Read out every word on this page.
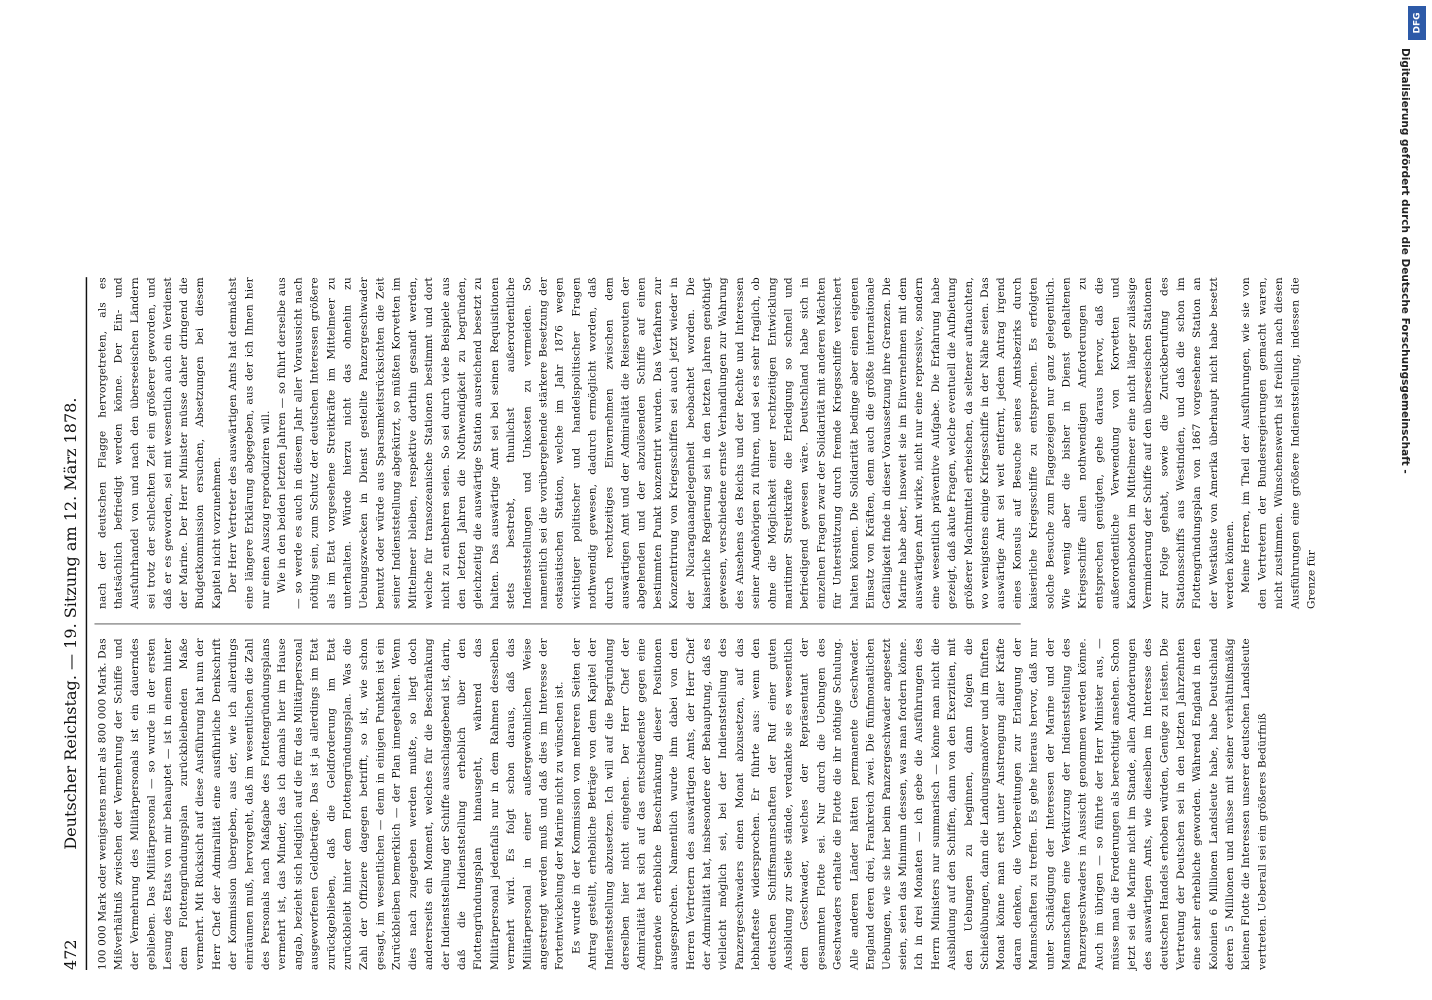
472
Deutscher Reichstag. — 19. Sitzung am 12. März 1878.	100 000 Mark oder wenigstens mehr als 800 000 Mark. Das Mißverhältniß zwischen der Vermehrung der Schiffe und der Vermehrung des Militärpersonals ist ein dauerndes geblieben. Das Militärpersonal — so wurde in der ersten Lesung des Etats von mir behauptet — ist in einem hinter dem Flottengründungsplan zurückbleibenden Maße vermehrt. Mit Rücksicht auf diese Ausführung hat nun der Herr Chef der Admiralität eine ausführliche Denkschrift der Kommission übergeben, aus der, wie ich allerdings einräumen muß, hervorgeht, daß im wesentlichen die Zahl des Personals nach Maßgabe des Flottengründungsplans vermehrt ist, das Minder, das ich damals hier im Hause angab, bezieht sich lediglich auf die für das Militärpersonal ausgeworfenen Geldbeträge. Das ist ja allerdings im Etat zurückgeblieben, daß die Geldforderung im Etat zurückbleibt hinter dem Flottengründungsplan. Was die Zahl der Offiziere dagegen betrifft, so ist, wie schon gesagt, im wesentlichen — denn in einigen Punkten ist ein Zurückbleiben bemerklich — der Plan innegehalten. Wenn dies nach zugegeben werden mußte, so liegt doch andererseits ein Moment, welches für die Beschränkung der Indienststellung der Schiffe ausschlaggebend ist, darin, daß die Indienststellung erheblich über den Flottengründungsplan hinausgeht, während das Militärpersonal jedenfalls nur in dem Rahmen desselben vermehrt wird. Es folgt schon daraus, daß das Militärpersonal in einer außergewöhnlichen Weise angestrengt werden muß und daß dies im Interesse der Fortentwickelung der Marine nicht zu wünschen ist. Es wurde in der Kommission von mehreren Seiten der Antrag gestellt, erhebliche Beträge von dem Kapitel der Indienststellung abzusetzen. Ich will auf die Begründung derselben hier nicht eingehen. Der Herr Chef der Admiralität hat sich auf das entschiedenste gegen eine irgendwie erhebliche Beschränkung dieser Positionen ausgesprochen. Namentlich wurde ihm dabei von den Herren Vertretern des auswärtigen Amts, der Herr Chef der Admiralität hat, insbesondere der Behauptung, daß es vielleicht möglich sei, bei der Indienststellung des Panzergeschwaders einen Monat abzusetzen, auf das lebhafteste widersprochen. Er führte aus: wenn den deutschen Schiffsmannschaften der Ruf einer guten Ausbildung zur Seite stände, verdankte sie es wesentlich dem Geschwader, welches der Repräsentant der gesammten Flotte sei. Nur durch die Uebungen des Geschwaders erhalte die Flotte die ihr nöthige Schulung. Alle anderen Länder hätten permanente Geschwader. England deren drei, Frankreich zwei. Die fünfmonatlichen Uebungen, wie sie hier beim Panzergeschwader angesetzt seien, seien das Minimum dessen, was man fordern könne. Ich in drei Monaten — ich gebe die Ausführungen des Herrn Ministers nur summarisch — könne man nicht die Ausbildung auf den Schiffen, dann von den Exerzitien, mit den Uebungen zu beginnen, dann folgen die Schießübungen, dann die Landungsmanöver und im fünften Monat könne man erst unter Anstrengung aller Kräfte daran denken, die Vorbereitungen zur Erlangung der Mannschaften zu treffen. Es gehe hieraus hervor, daß nur unter Schädigung der Interessen der Marine und der Mannschaften eine Verkürzung der Indienststellung des Panzergeschwaders in Aussicht genommen werden könne. Auch im übrigen — so führte der Herr Minister aus, — müsse man die Forderungen als berechtigt ansehen. Schon jetzt sei die Marine nicht im Stande, allen Anforderungen des auswärtigen Amts, wie dieselben im Interesse des deutschen Handels erhoben würden, Genüge zu leisten. Die Vertretung der Deutschen sei in den letzten Jahrzehnten eine sehr erhebliche geworden. Während England in den Kolonien 6 Millionen Landsleute habe, habe Deutschland deren 5 Millionen und müsse mit seiner verhältnißmäßig kleinen Flotte die Interessen unserer deutschen Landsleute vertreten. Ueberall sei ein größeres Bedürfniß

nach der deutschen Flagge hervorgetreten, als es thatsächlich befriedigt werden könne. Der Ein- und Ausfuhrhandel von und nach den überseeischen Ländern sei trotz der schlechten Zeit ein größerer geworden, und daß er es geworden, sei mit wesentlich auch ein Verdienst der Marine. Der Herr Minister müsse daher dringend die Budgetkommission ersuchen, Absetzungen bei diesem Kapitel nicht vorzunehmen. Der Herr Vertreter des auswärtigen Amts hat demnächst eine längere Erklärung abgegeben, aus der ich Ihnen hier nur einen Auszug reproduziren will. Wie in den beiden letzten Jahren — so führt derselbe aus — so werde es auch in diesem Jahr aller Voraussicht nach nöthig sein, zum Schutz der deutschen Interessen größere als im Etat vorgesehene Streitkräfte im Mittelmeer zu unterhalten. Würde hierzu nicht das ohnehin zu Uebungszwecken in Dienst gestellte Panzergeschwader benutzt oder würde aus Sparsamkeitsrücksichten die Zeit seiner Indienststellung abgekürzt, so müßten Korvetten im Mittelmeer bleiben, respektive dorthin gesandt werden, welche für transozeanische Stationen bestimmt und dort nicht zu entbehren seien. So sei durch viele Beispiele aus den letzten Jahren die Nothwendigkeit zu begründen, gleichzeitig die auswärtige Station ausreichend besetzt zu halten. Das auswärtige Amt sei bei seinen Requisitionen stets bestrebt, thunlichst außerordentliche Indienststellungen und Unkosten zu vermeiden. So namentlich sei die vorübergehende stärkere Besetzung der ostasiatischen Station, welche im Jahr 1876 wegen wichtiger politischer und handelspolitischer Fragen nothwendig gewesen, dadurch ermöglicht worden, daß durch rechtzeitiges Einvernehmen zwischen dem auswärtigen Amt und der Admiralität die Reiserouten der abgehenden und der abzulösenden Schiffe auf einen bestimmten Punkt konzentrirt wurden. Das Verfahren zur Konzentrirung von Kriegsschiffen sei auch jetzt wieder in der Nicaraguaangelegenheit beobachtet worden. Die kaiserliche Regierung sei in den letzten Jahren genöthigt gewesen, verschiedene ernste Verhandlungen zur Wahrung des Ansehens des Reichs und der Rechte und Interessen seiner Angehörigen zu führen, und sei es sehr fraglich, ob ohne die Möglichkeit einer rechtzeitigen Entwicklung maritimer Streitkräfte die Erledigung so schnell und befriedigend gewesen wäre. Deutschland habe sich in einzelnen Fragen zwar der Solidarität mit anderen Mächten für Unterstützung durch fremde Kriegsschiffe versichert halten können. Die Solidarität bedinge aber einen eigenen Einsatz von Kräften, denn auch die größte internationale Gefälligkeit finde in dieser Voraussetzung ihre Grenzen. Die Marine habe aber, insoweit sie im Einvernehmen mit dem auswärtigen Amt wirke, nicht nur eine repressive, sondern eine wesentlich präventive Aufgabe. Die Erfahrung habe gezeigt, daß akute Fragen, welche eventuell die Aufbietung größerer Machtmittel erheischen, da seltener auftauchten, wo wenigstens einige Kriegsschiffe in der Nähe seien. Das auswärtige Amt sei weit entfernt, jedem Antrag irgend eines Konsuls auf Besuche seines Amtsbezirks durch kaiserliche Kriegsschiffe zu entsprechen. Es erfolgten solche Besuche zum Flaggezeigen nur ganz gelegentlich. Wie wenig aber die bisher in Dienst gehaltenen Kriegsschiffe allen nothwendigen Anforderungen zu entsprechen genügten, gehe daraus hervor, daß die außerordentliche Verwendung von Korvetten und Kanonenbooten im Mittelmeer eine nicht länger zulässige Verminderung der Schiffe auf den überseeischen Stationen zur Folge gehabt, sowie die Zurückberufung des Stationsschiffs aus Westindien, und daß die schon im Flottengründungsplan von 1867 vorgesehene Station an der Westküste von Amerika überhaupt nicht habe besetzt werden können. Meine Herren, im Theil der Ausführungen, wie sie von den Vertretern der Bundesregierungen gemacht waren, nicht zustimmen. Wünschenswerth ist freilich nach diesen Ausführungen eine größere Indienststellung, indessen die Grenze für

DFG
Digitalisierung gefördert durch die Deutsche Forschungsgemeinschaft -
